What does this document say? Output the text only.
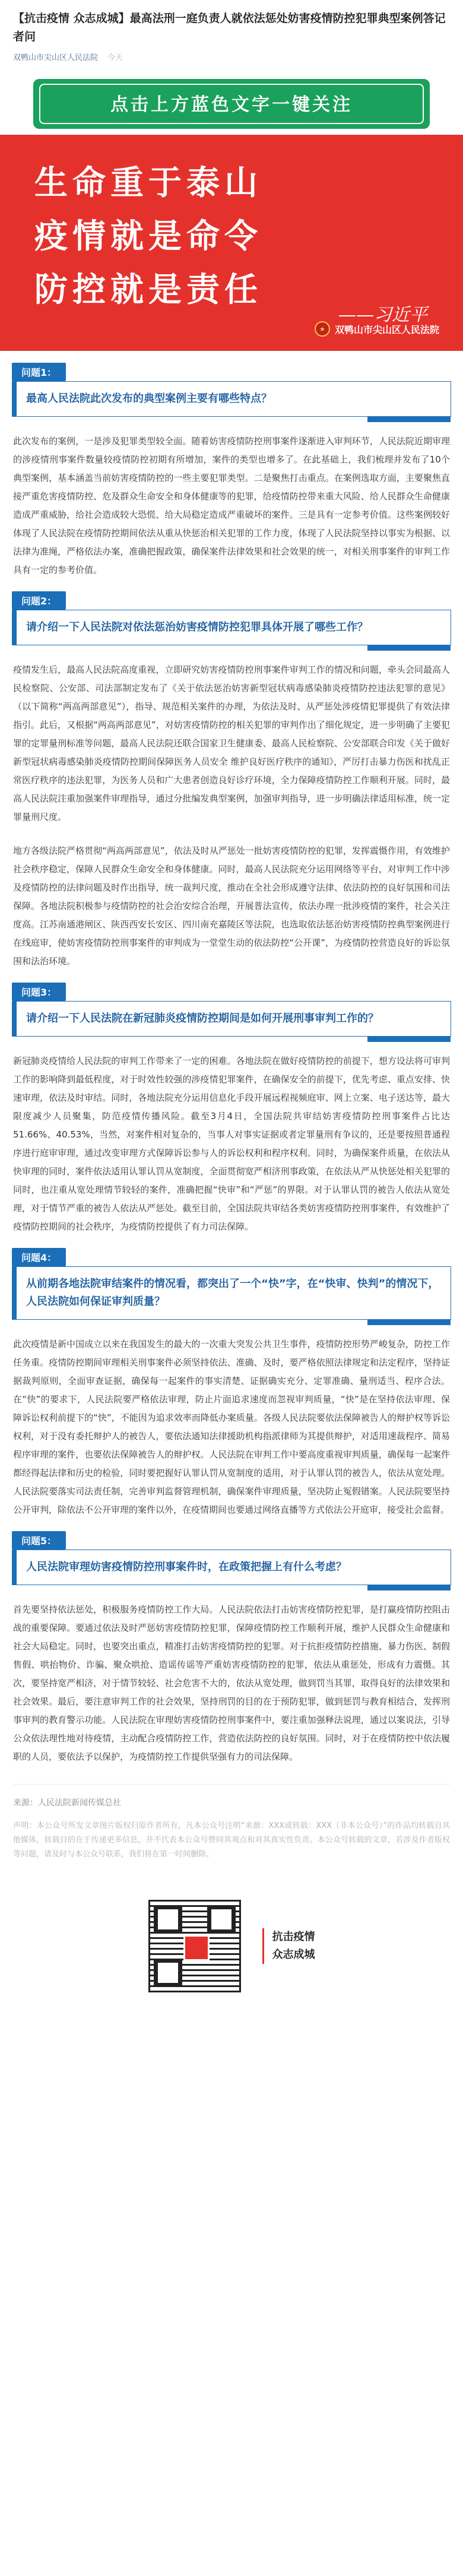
【抗击疫情 众志成城】最高法刑一庭负责人就依法惩处妨害疫情防控犯罪典型案例答记者问
双鸭山市尖山区人民法院 今天
点击上方蓝色文字一键关注
生命重于泰山
疫情就是命令
防控就是责任
——习近平
★	双鸭山市尖山区人民法院
问题1：
最高人民法院此次发布的典型案例主要有哪些特点？

此次发布的案例，一是涉及犯罪类型较全面。随着妨害疫情防控刑事案件逐渐进入审判环节，人民法院近期审理的涉疫情刑事案件数量较疫情防控初期有所增加，案件的类型也增多了。在此基础上，我们梳理并发布了10个典型案例，基本涵盖当前妨害疫情防控的一些主要犯罪类型。二是聚焦打击重点。在案例选取方面，主要聚焦直接严重危害疫情防控、危及群众生命安全和身体健康等的犯罪，给疫情防控带来重大风险、给人民群众生命健康造成严重威胁，给社会造成较大恐慌、给大局稳定造成严重破坏的案件。三是具有一定参考价值。这些案例较好体现了人民法院在疫情防控期间依法从重从快惩治相关犯罪的工作力度，体现了人民法院坚持以事实为根据、以法律为准绳，严格依法办案，准确把握政策，确保案件法律效果和社会效果的统一，对相关刑事案件的审判工作具有一定的参考价值。

问题2：
请介绍一下人民法院对依法惩治妨害疫情防控犯罪具体开展了哪些工作？

疫情发生后，最高人民法院高度重视，立即研究妨害疫情防控刑事案件审判工作的情况和问题，牵头会同最高人民检察院、公安部、司法部制定发布了《关于依法惩治妨害新型冠状病毒感染肺炎疫情防控违法犯罪的意见》（以下简称“两高两部意见”），指导、规范相关案件的办理，为依法及时、从严惩处涉疫情犯罪提供了有效法律指引。此后，又根据“两高两部意见”，对妨害疫情防控的相关犯罪的审判作出了细化规定，进一步明确了主要犯罪的定罪量刑标准等问题，最高人民法院还联合国家卫生健康委、最高人民检察院、公安部联合印发《关于做好新型冠状病毒感染肺炎疫情防控期间保障医务人员安全 维护良好医疗秩序的通知》，严厉打击暴力伤医和扰乱正常医疗秩序的违法犯罪，为医务人员和广大患者创造良好诊疗环境，全力保障疫情防控工作顺利开展。同时，最高人民法院注重加强案件审理指导，通过分批编发典型案例，加强审判指导，进一步明确法律适用标准，统一定罪量刑尺度。

地方各级法院严格贯彻“两高两部意见”，依法及时从严惩处一批妨害疫情防控的犯罪，发挥震慑作用，有效维护社会秩序稳定，保障人民群众生命安全和身体健康。同时，最高人民法院充分运用网络等平台，对审判工作中涉及疫情防控的法律问题及时作出指导，统一裁判尺度，推动在全社会形成遵守法律、依法防控的良好氛围和司法保障。各地法院积极参与疫情防控的社会治安综合治理，开展普法宣传，依法办理一批涉疫情的案件，社会关注度高。江苏南通港闸区、陕西西安长安区、四川南充嘉陵区等法院，也选取依法惩治妨害疫情防控典型案例进行在线庭审，使妨害疫情防控刑事案件的审判成为一堂堂生动的依法防控“公开课”，为疫情防控营造良好的诉讼氛围和法治环境。

问题3：
请介绍一下人民法院在新冠肺炎疫情防控期间是如何开展刑事审判工作的？

新冠肺炎疫情给人民法院的审判工作带来了一定的困难。各地法院在做好疫情防控的前提下，想方设法将可审判工作的影响降到最低程度，对于时效性较强的涉疫情犯罪案件，在确保安全的前提下，优先考虑、重点安排、快速审理，依法及时审结。同时，各地法院充分运用信息化手段开展远程视频庭审、网上立案、电子送达等，最大限度减少人员聚集，防范疫情传播风险。截至3月4日，全国法院共审结妨害疫情防控刑事案件占比达51.66%、40.53%，当然，对案件相对复杂的，当事人对事实证据或者定罪量刑有争议的，还是要按照普通程序进行庭审审理，通过改变审理方式保障诉讼参与人的诉讼权利和程序权利。同时，为确保案件质量，在依法从快审理的同时，案件依法适用认罪认罚从宽制度，全面贯彻宽严相济刑事政策，在依法从严从快惩处相关犯罪的同时，也注重从宽处理情节较轻的案件，准确把握“快审”和“严惩”的界限。对于认罪认罚的被告人依法从宽处理，对于情节严重的被告人依法从严惩处。截至目前，全国法院共审结各类妨害疫情防控刑事案件，有效维护了疫情防控期间的社会秩序，为疫情防控提供了有力司法保障。

问题4：
从前期各地法院审结案件的情况看，都突出了一个“快”字，在“快审、快判”的情况下，人民法院如何保证审判质量？

此次疫情是新中国成立以来在我国发生的最大的一次重大突发公共卫生事件，疫情防控形势严峻复杂，防控工作任务重。疫情防控期间审理相关刑事案件必须坚持依法、准确、及时，要严格依照法律规定和法定程序，坚持证据裁判原则，全面审查证据，确保每一起案件的事实清楚、证据确实充分、定罪准确、量刑适当、程序合法。在“快”的要求下，人民法院要严格依法审理，防止片面追求速度而忽视审判质量，“快”是在坚持依法审理、保障诉讼权利前提下的“快”，不能因为追求效率而降低办案质量。各级人民法院要依法保障被告人的辩护权等诉讼权利，对于没有委托辩护人的被告人，要依法通知法律援助机构指派律师为其提供辩护，对适用速裁程序、简易程序审理的案件，也要依法保障被告人的辩护权。人民法院在审判工作中要高度重视审判质量，确保每一起案件都经得起法律和历史的检验，同时要把握好认罪认罚从宽制度的适用，对于认罪认罚的被告人，依法从宽处理。人民法院要落实司法责任制，完善审判监督管理机制，确保案件审理质量，坚决防止冤假错案。人民法院要坚持公开审判，除依法不公开审理的案件以外，在疫情期间也要通过网络直播等方式依法公开庭审，接受社会监督。

问题5：
人民法院审理妨害疫情防控刑事案件时，在政策把握上有什么考虑？

首先要坚持依法惩处，积极服务疫情防控工作大局。人民法院依法打击妨害疫情防控犯罪，是打赢疫情防控阻击战的重要保障。要通过依法及时严惩妨害疫情防控犯罪，保障疫情防控工作顺利开展，维护人民群众生命健康和社会大局稳定。同时，也要突出重点，精准打击妨害疫情防控的犯罪。对于抗拒疫情防控措施、暴力伤医、制假售假、哄抬物价、诈骗、聚众哄抢、造谣传谣等严重妨害疫情防控的犯罪，依法从重惩处，形成有力震慑。其次，要坚持宽严相济，对于情节较轻、社会危害不大的，依法从宽处理，做到罚当其罪，取得良好的法律效果和社会效果。最后，要注意审判工作的社会效果，坚持刑罚的目的在于预防犯罪，做到惩罚与教育相结合，发挥刑事审判的教育警示功能。人民法院在审理妨害疫情防控刑事案件中，要注重加强释法说理，通过以案说法，引导公众依法理性地对待疫情，主动配合疫情防控工作，营造依法防控的良好氛围。同时，对于在疫情防控中依法履职的人员，要依法予以保护，为疫情防控工作提供坚强有力的司法保障。

来源：人民法院新闻传媒总社
声明：本公众号所发文章图片版权归原作者所有，凡本公众号注明“来源：XXX或转载：XXX（非本公众号）”的作品均转载自其他媒体，转载目的在于传递更多信息，并不代表本公众号赞同其观点和对其真实性负责。本公众号转载的文章，若涉及作者版权等问题，请及时与本公众号联系，我们将在第一时间删除。
抗击疫情
众志成城
